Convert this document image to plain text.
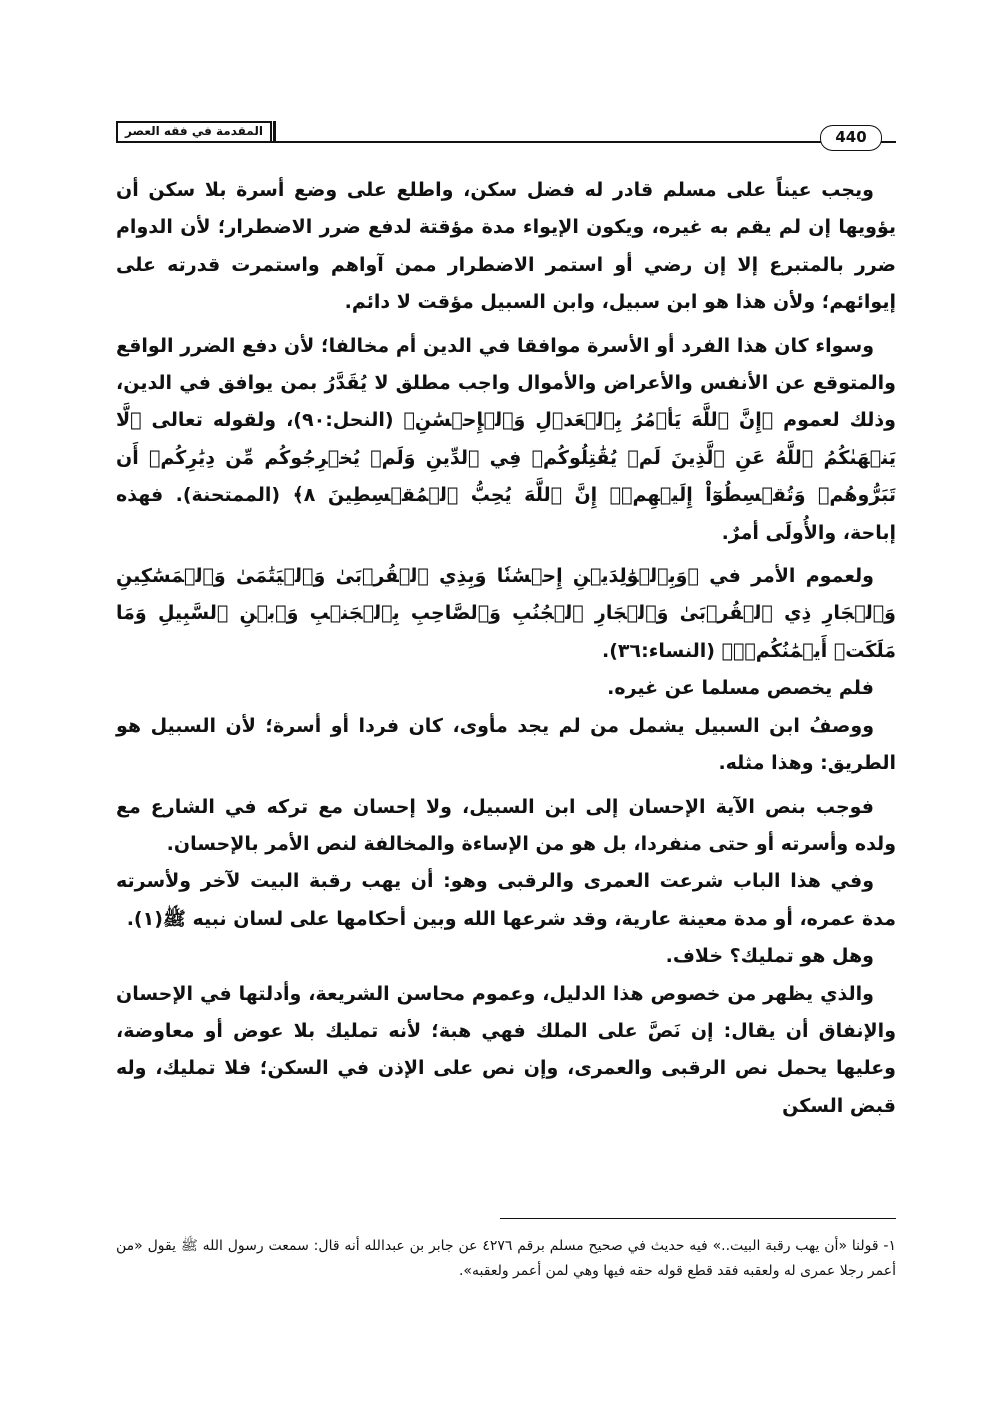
المقدمة في فقه العصر	440

ويجب عيناً على مسلم قادر له فضل سكن، واطلع على وضع أسرة بلا سكن أن يؤويها إن لم يقم به غيره، ويكون الإيواء مدة مؤقتة لدفع ضرر الاضطرار؛ لأن الدوام ضرر بالمتبرع إلا إن رضي أو استمر الاضطرار ممن آواهم واستمرت قدرته على إيوائهم؛ ولأن هذا هو ابن سبيل، وابن السبيل مؤقت لا دائم.

وسواء كان هذا الفرد أو الأسرة موافقا في الدين أم مخالفا؛ لأن دفع الضرر الواقع والمتوقع عن الأنفس والأعراض والأموال واجب مطلق لا يُقَدَّرُ بمن يوافق في الدين، وذلك لعموم ﴿إِنَّ ٱللَّهَ يَأۡمُرُ بِٱلۡعَدۡلِ وَٱلۡإِحۡسَٰنِ﴾ (النحل:٩٠)، ولقوله تعالى ﴿لَّا يَنۡهَىٰكُمُ ٱللَّهُ عَنِ ٱلَّذِينَ لَمۡ يُقَٰتِلُوكُمۡ فِي ٱلدِّينِ وَلَمۡ يُخۡرِجُوكُم مِّن دِيَٰرِكُمۡ أَن تَبَرُّوهُمۡ وَتُقۡسِطُوٓاْ إِلَيۡهِمۡۚ إِنَّ ٱللَّهَ يُحِبُّ ٱلۡمُقۡسِطِينَ ٨﴾ (الممتحنة). فهذه إباحة، والأُولَى أمرٌ.

ولعموم الأمر في ﴿وَبِٱلۡوَٰلِدَيۡنِ إِحۡسَٰنٗا وَبِذِي ٱلۡقُرۡبَىٰ وَٱلۡيَتَٰمَىٰ وَٱلۡمَسَٰكِينِ وَٱلۡجَارِ ذِي ٱلۡقُرۡبَىٰ وَٱلۡجَارِ ٱلۡجُنُبِ وَٱلصَّاحِبِ بِٱلۡجَنۢبِ وَٱبۡنِ ٱلسَّبِيلِ وَمَا مَلَكَتۡ أَيۡمَٰنُكُمۡۗ﴾ (النساء:٣٦).

فلم يخصص مسلما عن غيره.

ووصفُ ابن السبيل يشمل من لم يجد مأوى، كان فردا أو أسرة؛ لأن السبيل هو الطريق: وهذا مثله.

فوجب بنص الآية الإحسان إلى ابن السبيل، ولا إحسان مع تركه في الشارع مع ولده وأسرته أو حتى منفردا، بل هو من الإساءة والمخالفة لنص الأمر بالإحسان.

وفي هذا الباب شرعت العمرى والرقبى وهو: أن يهب رقبة البيت لآخر ولأسرته مدة عمره، أو مدة معينة عارية، وقد شرعها الله وبين أحكامها على لسان نبيه ﷺ(١).

وهل هو تمليك؟ خلاف.

والذي يظهر من خصوص هذا الدليل، وعموم محاسن الشريعة، وأدلتها في الإحسان والإنفاق أن يقال: إن نَصَّ على الملك فهي هبة؛ لأنه تمليك بلا عوض أو معاوضة، وعليها يحمل نص الرقبى والعمرى، وإن نص على الإذن في السكن؛ فلا تمليك، وله قبض السكن

١- قولنا «أن يهب رقبة البيت..» فيه حديث في صحيح مسلم برقم ٤٢٧٦ عن جابر بن عبدالله أنه قال: سمعت رسول الله ﷺ يقول «من أعمر رجلا عمرى له ولعقبه فقد قطع قوله حقه فيها وهي لمن أعمر ولعقبه».
